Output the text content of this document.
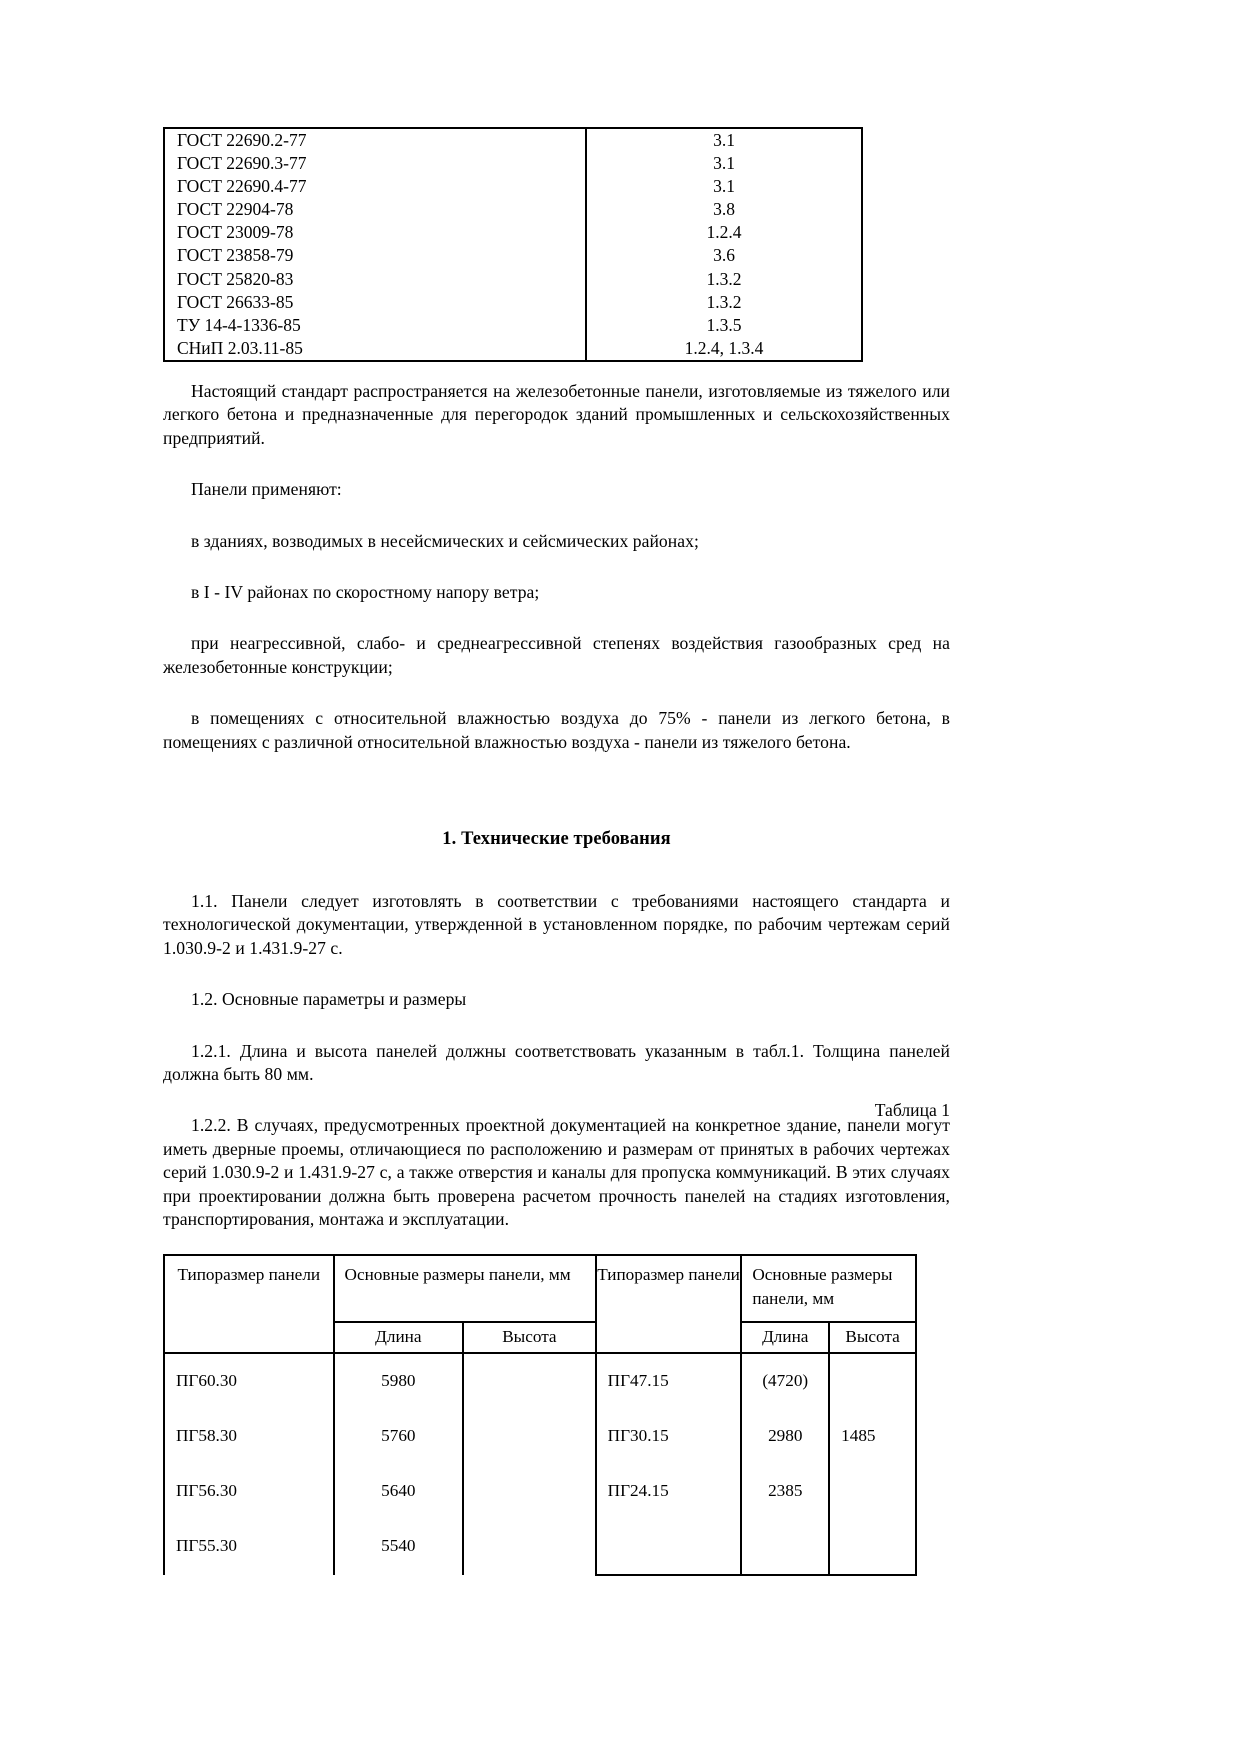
ГОСТ 22690.2-77	3.1
ГОСТ 22690.3-77	3.1
ГОСТ 22690.4-77	3.1
ГОСТ 22904-78	3.8
ГОСТ 23009-78	1.2.4
ГОСТ 23858-79	3.6
ГОСТ 25820-83	1.3.2
ГОСТ 26633-85	1.3.2
ТУ 14-4-1336-85	1.3.5
СНиП 2.03.11-85	1.2.4, 1.3.4

Настоящий стандарт распространяется на железобетонные панели, изготовляемые из тяжелого или легкого бетона и предназначенные для перегородок зданий промышленных и сельскохозяйственных предприятий.

Панели применяют:

в зданиях, возводимых в несейсмических и сейсмических районах;

в I - IV районах по скоростному напору ветра;

при неагрессивной, слабо- и среднеагрессивной степенях воздействия газообразных сред на железобетонные конструкции;

в помещениях с относительной влажностью воздуха до 75% - панели из легкого бетона, в помещениях с различной относительной влажностью воздуха - панели из тяжелого бетона.

1. Технические требования

1.1. Панели следует изготовлять в соответствии с требованиями настоящего стандарта и технологической документации, утвержденной в установленном порядке, по рабочим чертежам серий 1.030.9-2 и 1.431.9-27 с.

1.2. Основные параметры и размеры

1.2.1. Длина и высота панелей должны соответствовать указанным в табл.1. Толщина панелей должна быть 80 мм.

1.2.2. В случаях, предусмотренных проектной документацией на конкретное здание, панели могут иметь дверные проемы, отличающиеся по расположению и размерам от принятых в рабочих чертежах серий 1.030.9-2 и 1.431.9-27 с, а также отверстия и каналы для пропуска коммуникаций. В этих случаях при проектировании должна быть проверена расчетом прочность панелей на стадиях изготовления, транспортирования, монтажа и эксплуатации.

Таблица 1

Типоразмер панели	Основные размеры панели, мм		Типоразмер панели	Основные размеры панели, мм	
	Длина	Высота		Длина	Высота
ПГ60.30	5980		ПГ47.15	(4720)	
ПГ58.30	5760		ПГ30.15	2980	1485
ПГ56.30	5640		ПГ24.15	2385	
ПГ55.30	5540				
